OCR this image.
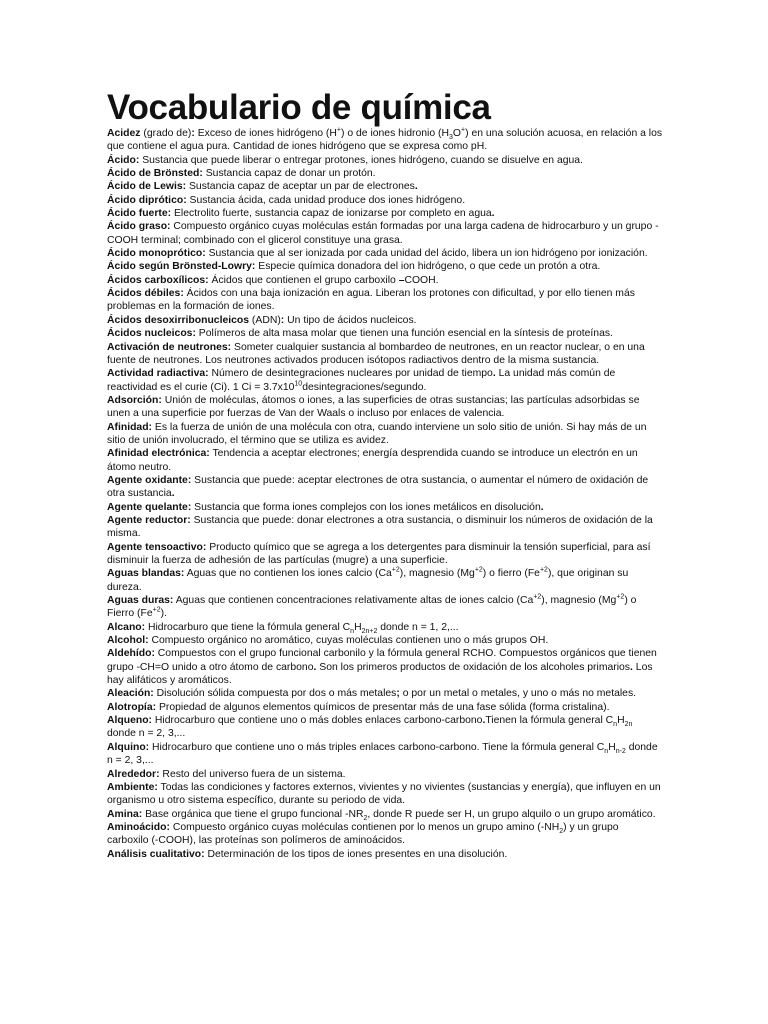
Vocabulario de química

Acidez (grado de): Exceso de iones hidrógeno (H+) o de iones hidronio $(H_3O^+)$ en una solución acuosa, en relación a los que contiene el agua pura. Cantidad de iones hidrógeno que se expresa como pH.

Ácido: Sustancia que puede liberar o entregar protones, iones hidrógeno, cuando se disuelve en agua.

Ácido de Brönsted: Sustancia capaz de donar un protón.

Ácido de Lewis: Sustancia capaz de aceptar un par de electrones.

Ácido diprótico: Sustancia ácida, cada unidad produce dos iones hidrógeno.

Ácido fuerte: Electrolito fuerte, sustancia capaz de ionizarse por completo en agua.

Ácido graso: Compuesto orgánico cuyas moléculas están formadas por una larga cadena de hidrocarburo y un grupo -COOH terminal; combinado con el glicerol constituye una grasa.

Ácido monoprótico: Sustancia que al ser ionizada por cada unidad del ácido, libera un ion hidrógeno por ionización.

Ácido según Brönsted-Lowry: Especie química donadora del ion hidrógeno, o que cede un protón a otra.

Ácidos carboxílicos: Ácidos que contienen el grupo carboxilo –COOH.

Ácidos débiles: Ácidos con una baja ionización en agua. Liberan los protones con dificultad, y por ello tienen más problemas en la formación de iones.

Ácidos desoxirribonucleicos (ADN): Un tipo de ácidos nucleicos.

Ácidos nucleicos: Polímeros de alta masa molar que tienen una función esencial en la síntesis de proteínas.

Activación de neutrones: Someter cualquier sustancia al bombardeo de neutrones, en un reactor nuclear, o en una fuente de neutrones. Los neutrones activados producen isótopos radiactivos dentro de la misma sustancia.

Actividad radiactiva: Número de desintegraciones nucleares por unidad de tiempo. La unidad más común de reactividad es el curie (Ci). 1 $Ci = 3.7x10^{10}desintegraciones$/segundo.

Adsorción: Unión de moléculas, átomos o iones, a las superficies de otras sustancias; las partículas adsorbidas se unen a una superficie por fuerzas de Van der Waals o incluso por enlaces de valencia.

Afinidad: Es la fuerza de unión de una molécula con otra, cuando interviene un solo sitio de unión. Si hay más de un sitio de unión involucrado, el término que se utiliza es avidez.

Afinidad electrónica: Tendencia a aceptar electrones; energía desprendida cuando se introduce un electrón en un átomo neutro.

Agente oxidante: Sustancia que puede: aceptar electrones de otra sustancia, o aumentar el número de oxidación de otra sustancia.

Agente quelante: Sustancia que forma iones complejos con los iones metálicos en disolución.

Agente reductor: Sustancia que puede: donar electrones a otra sustancia, o disminuir los números de oxidación de la misma.

Agente tensoactivo: Producto químico que se agrega a los detergentes para disminuir la tensión superficial, para así disminuir la fuerza de adhesión de las partículas (mugre) a una superficie.

Aguas blandas: Aguas que no contienen los iones calcio $(Ca^{+2})$, magnesio $(Mg^{+2})$ o fierro $(Fe^{+2})$, que originan su dureza.

Aguas duras: Aguas que contienen concentraciones relativamente altas de iones calcio $(Ca^{+2})$, magnesio $(Mg^{+2})$ o Fierro $(Fe^{+2})$.

Alcano: Hidrocarburo que tiene la fórmula general $C_nH_{2n+2}$ donde n = 1, 2,...

Alcohol: Compuesto orgánico no aromático, cuyas moléculas contienen uno o más grupos OH.

Aldehído: Compuestos con el grupo funcional carbonilo y la fórmula general RCHO. Compuestos orgánicos que tienen grupo -CH=O unido a otro átomo de carbono. Son los primeros productos de oxidación de los alcoholes primarios. Los hay alifáticos y aromáticos.

Aleación: Disolución sólida compuesta por dos o más metales; o por un metal o metales, y uno o más no metales.

Alotropía: Propiedad de algunos elementos químicos de presentar más de una fase sólida (forma cristalina).

Alqueno: Hidrocarburo que contiene uno o más dobles enlaces carbono-carbono.Tienen la fórmula general $C_nH_{2n}$ donde n = 2, 3,...

Alquino: Hidrocarburo que contiene uno o más triples enlaces carbono-carbono. Tiene la fórmula general $C_nH_{n-2}$ donde n = 2, 3,...

Alrededor: Resto del universo fuera de un sistema.

Ambiente: Todas las condiciones y factores externos, vivientes y no vivientes (sustancias y energía), que influyen en un organismo u otro sistema específico, durante su periodo de vida.

Amina: Base orgánica que tiene el grupo funcional $-NR_2$, donde R puede ser H, un grupo alquilo o un grupo aromático.

Aminoácido: Compuesto orgánico cuyas moléculas contienen por lo menos un grupo amino $(-NH_2)$ y un grupo carboxilo (-COOH), las proteínas son polímeros de aminoácidos.

Análisis cualitativo: Determinación de los tipos de iones presentes en una disolución.
